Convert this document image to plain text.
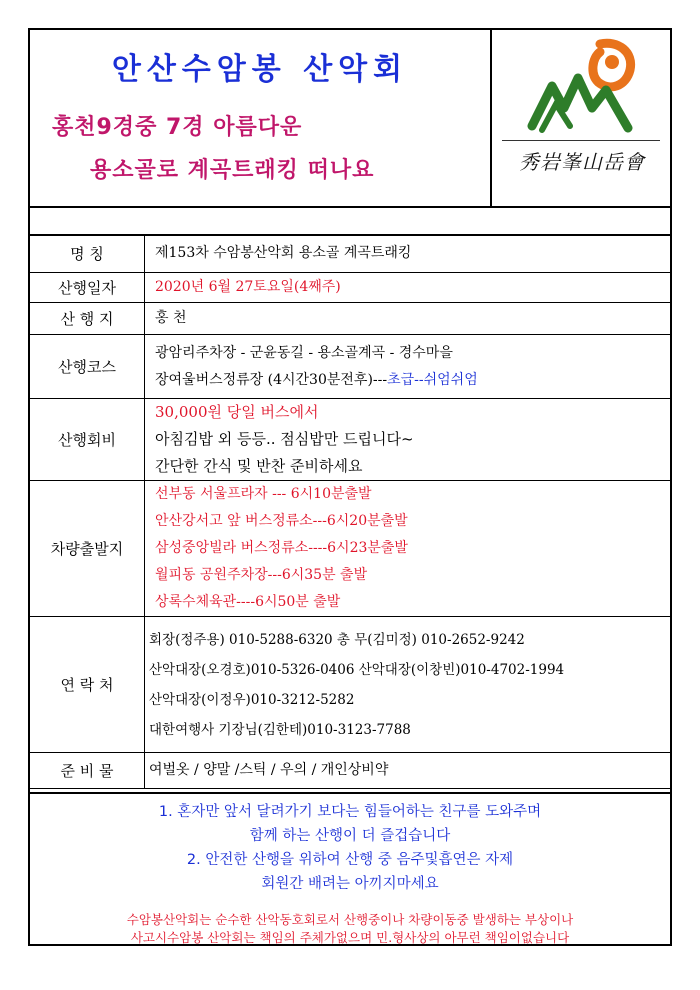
안산수암봉 산악회
홍천9경중 7경 아름다운
용소골로 계곡트래킹 떠나요	秀岩峯山岳會
명 칭	제153차 수암봉산악회 용소골 계곡트래킹
산행일자	2020년 6월 27토요일(4째주)
산 행 지	홍 천
산행코스	광암리주차장 - 군윤동길 - 용소골계곡 - 경수마을
장여울버스정류장 (4시간30분전후)---초급--쉬엄쉬엄

산행회비	30,000원 당일 버스에서
아침김밥 외 등등.. 점심밥만 드립니다~
간단한 간식 및 반찬 준비하세요

차량출발지	선부동 서울프라자 --- 6시10분출발
안산강서고 앞 버스정류소---6시20분출발
삼성중앙빌라 버스정류소----6시23분출발
월피동 공원주차장---6시35분 출발
상록수체육관----6시50분 출발

연 락 처	회장(정주용) 010-5288-6320 총 무(김미정) 010-2652-9242
산악대장(오경호)010-5326-0406 산악대장(이창빈)010-4702-1994
산악대장(이정우)010-3212-5282
대한여행사 기장님(김한테)010-3123-7788

준 비 물	여벌옷 / 양말 /스틱 / 우의 / 개인상비약
1. 혼자만 앞서 달려가기 보다는 힘들어하는 친구를 도와주며
함께 하는 산행이 더 즐겁습니다
2. 안전한 산행을 위하여 산행 중 음주및흡연은 자제
회원간 배려는 아끼지마세요
수암봉산악회는 순수한 산악동호회로서 산행중이나 차량이동중 발생하는 부상이나
사고시수암봉 산악회는 책임의 주체가없으며 민.형사상의 아무런 책임이없습니다
